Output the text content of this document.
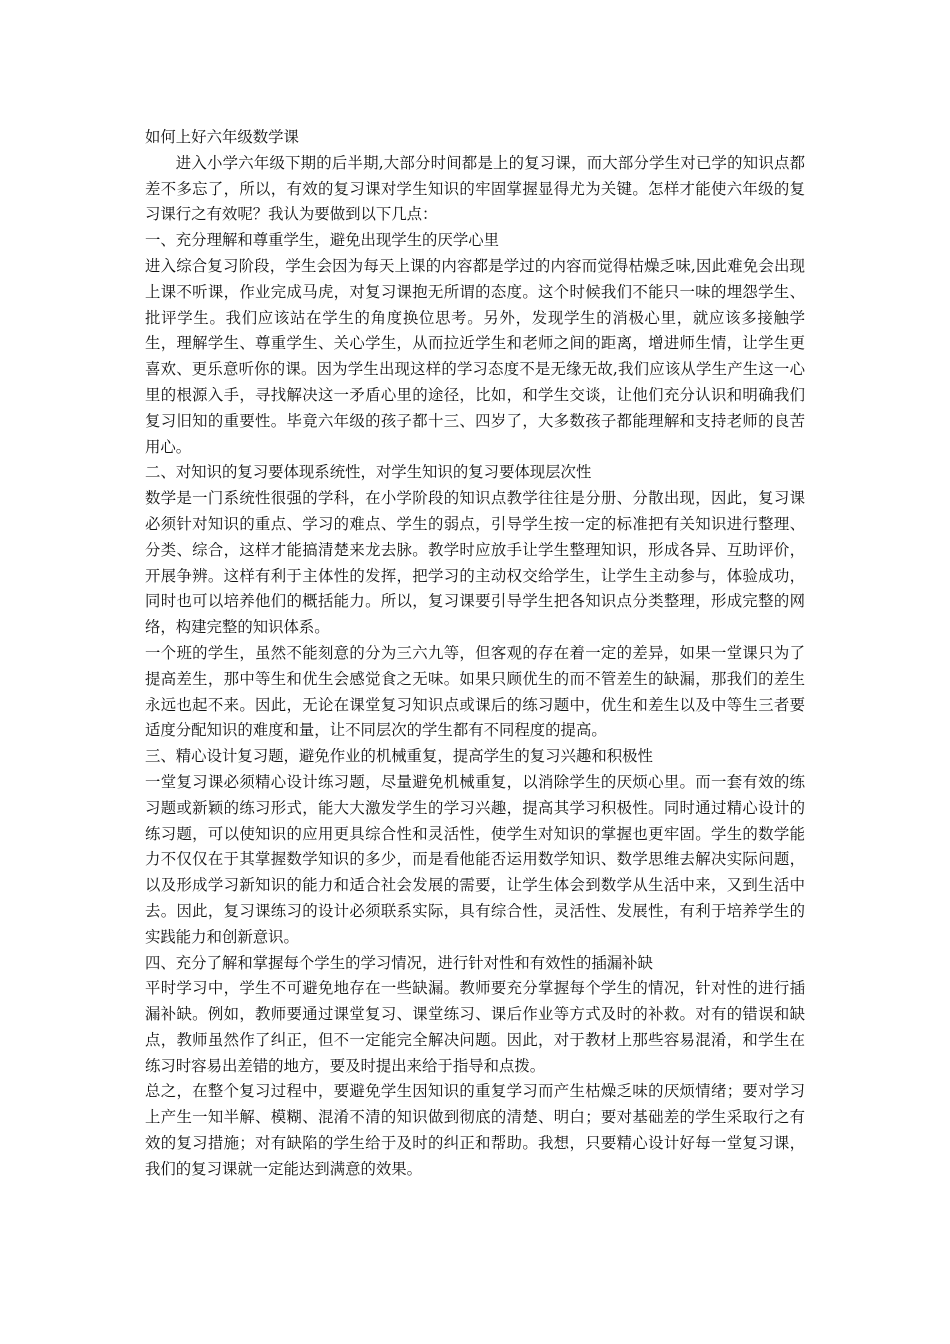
如何上好六年级数学课

进入小学六年级下期的后半期,大部分时间都是上的复习课，而大部分学生对已学的知识点都差不多忘了，所以，有效的复习课对学生知识的牢固掌握显得尤为关键。怎样才能使六年级的复习课行之有效呢？我认为要做到以下几点：

一、充分理解和尊重学生，避免出现学生的厌学心里

进入综合复习阶段，学生会因为每天上课的内容都是学过的内容而觉得枯燥乏味,因此难免会出现上课不听课，作业完成马虎，对复习课抱无所谓的态度。这个时候我们不能只一味的埋怨学生、批评学生。我们应该站在学生的角度换位思考。另外，发现学生的消极心里，就应该多接触学生，理解学生、尊重学生、关心学生，从而拉近学生和老师之间的距离，增进师生情，让学生更喜欢、更乐意听你的课。因为学生出现这样的学习态度不是无缘无故,我们应该从学生产生这一心里的根源入手，寻找解决这一矛盾心里的途径，比如，和学生交谈，让他们充分认识和明确我们复习旧知的重要性。毕竟六年级的孩子都十三、四岁了，大多数孩子都能理解和支持老师的良苦用心。

二、对知识的复习要体现系统性，对学生知识的复习要体现层次性

数学是一门系统性很强的学科，在小学阶段的知识点教学往往是分册、分散出现，因此，复习课必须针对知识的重点、学习的难点、学生的弱点，引导学生按一定的标准把有关知识进行整理、分类、综合，这样才能搞清楚来龙去脉。教学时应放手让学生整理知识，形成各异、互助评价，开展争辨。这样有利于主体性的发挥，把学习的主动权交给学生，让学生主动参与，体验成功，同时也可以培养他们的概括能力。所以，复习课要引导学生把各知识点分类整理，形成完整的网络，构建完整的知识体系。

一个班的学生，虽然不能刻意的分为三六九等，但客观的存在着一定的差异，如果一堂课只为了提高差生，那中等生和优生会感觉食之无味。如果只顾优生的而不管差生的缺漏，那我们的差生永远也起不来。因此，无论在课堂复习知识点或课后的练习题中，优生和差生以及中等生三者要适度分配知识的难度和量，让不同层次的学生都有不同程度的提高。

三、精心设计复习题，避免作业的机械重复，提高学生的复习兴趣和积极性

一堂复习课必须精心设计练习题，尽量避免机械重复，以消除学生的厌烦心里。而一套有效的练习题或新颖的练习形式，能大大激发学生的学习兴趣，提高其学习积极性。同时通过精心设计的练习题，可以使知识的应用更具综合性和灵活性，使学生对知识的掌握也更牢固。学生的数学能力不仅仅在于其掌握数学知识的多少，而是看他能否运用数学知识、数学思维去解决实际问题，以及形成学习新知识的能力和适合社会发展的需要，让学生体会到数学从生活中来，又到生活中去。因此，复习课练习的设计必须联系实际，具有综合性，灵活性、发展性，有利于培养学生的实践能力和创新意识。

四、充分了解和掌握每个学生的学习情况，进行针对性和有效性的插漏补缺

平时学习中，学生不可避免地存在一些缺漏。教师要充分掌握每个学生的情况，针对性的进行插漏补缺。例如，教师要通过课堂复习、课堂练习、课后作业等方式及时的补救。对有的错误和缺点，教师虽然作了纠正，但不一定能完全解决问题。因此，对于教材上那些容易混淆，和学生在练习时容易出差错的地方，要及时提出来给于指导和点拨。

总之，在整个复习过程中，要避免学生因知识的重复学习而产生枯燥乏味的厌烦情绪；要对学习上产生一知半解、模糊、混淆不清的知识做到彻底的清楚、明白；要对基础差的学生采取行之有效的复习措施；对有缺陷的学生给于及时的纠正和帮助。我想，只要精心设计好每一堂复习课，我们的复习课就一定能达到满意的效果。
